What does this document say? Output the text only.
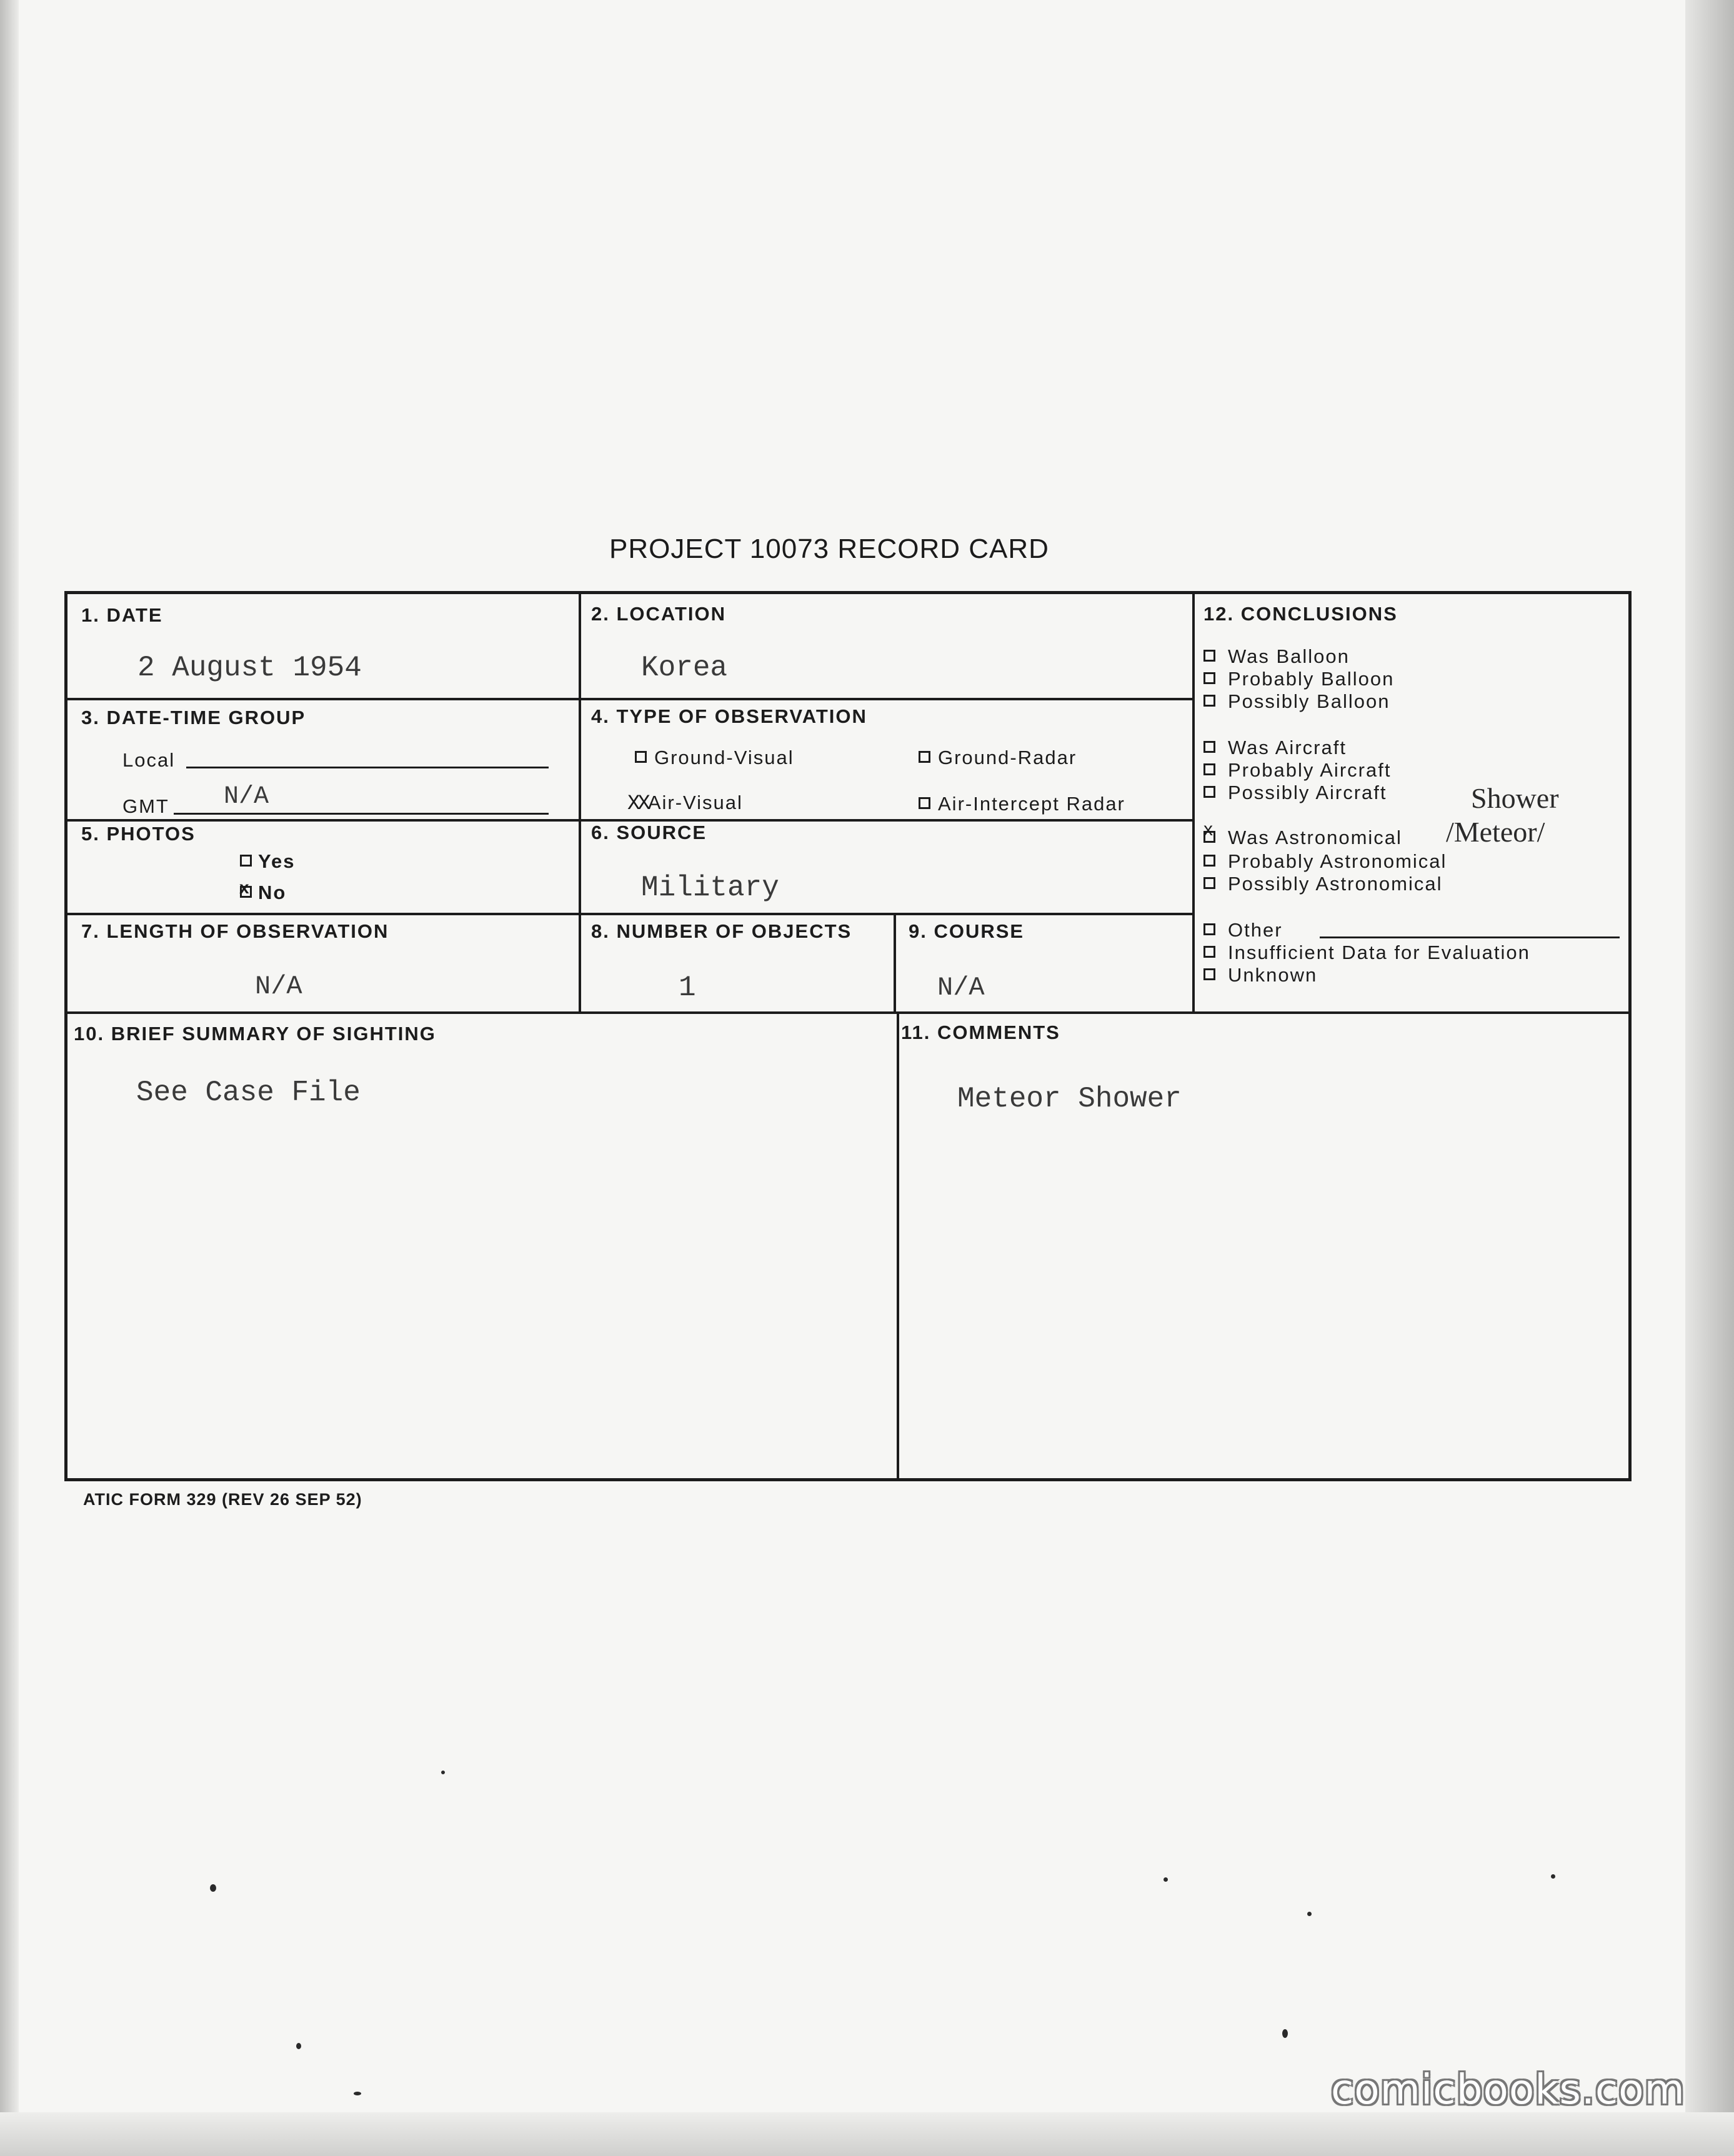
PROJECT 10073 RECORD CARD
1. DATE
2 August 1954
2. LOCATION
Korea
3. DATE-TIME GROUP
Local
GMT N/A
4. TYPE OF OBSERVATION
Ground-Visual	Ground-Radar
XXAir-Visual	Air-Intercept Radar
5. PHOTOS
Yes
x No
6. SOURCE
Military
7. LENGTH OF OBSERVATION
N/A
8. NUMBER OF OBJECTS
1
9. COURSE
N/A
10. BRIEF SUMMARY OF SIGHTING
See Case File
11. COMMENTS
Meteor Shower
12. CONCLUSIONS
Was Balloon
Probably Balloon
Possibly Balloon
Was Aircraft
Probably Aircraft
Possibly Aircraft	Shower
x Was Astronomical /Meteor/
Probably Astronomical
Possibly Astronomical
Other
Insufficient Data for Evaluation
Unknown
ATIC FORM 329 (REV 26 SEP 52)
comicbooks.com
